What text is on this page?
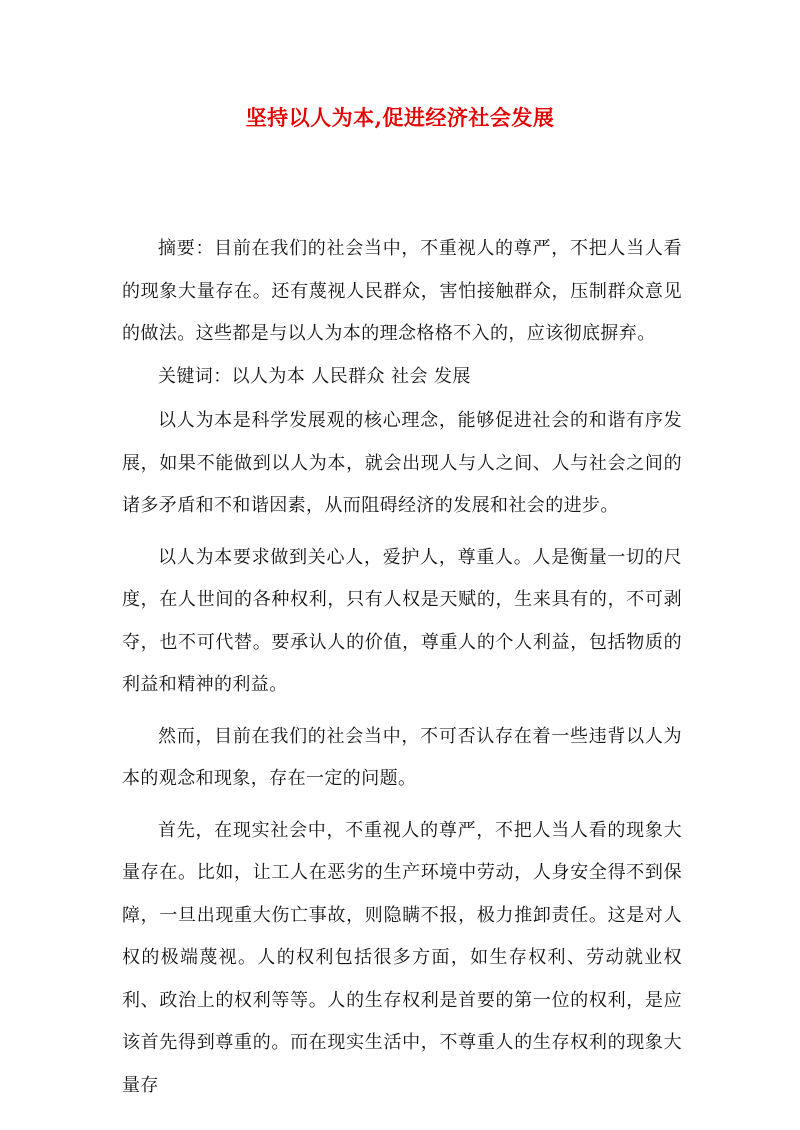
坚持以人为本,促进经济社会发展

摘要：目前在我们的社会当中，不重视人的尊严，不把人当人看的现象大量存在。还有蔑视人民群众，害怕接触群众，压制群众意见的做法。这些都是与以人为本的理念格格不入的，应该彻底摒弃。

关键词：以人为本 人民群众 社会 发展

以人为本是科学发展观的核心理念，能够促进社会的和谐有序发展，如果不能做到以人为本，就会出现人与人之间、人与社会之间的诸多矛盾和不和谐因素，从而阻碍经济的发展和社会的进步。

以人为本要求做到关心人，爱护人，尊重人。人是衡量一切的尺度，在人世间的各种权利，只有人权是天赋的，生来具有的，不可剥夺，也不可代替。要承认人的价值，尊重人的个人利益，包括物质的利益和精神的利益。

然而，目前在我们的社会当中，不可否认存在着一些违背以人为本的观念和现象，存在一定的问题。

首先，在现实社会中，不重视人的尊严，不把人当人看的现象大量存在。比如，让工人在恶劣的生产环境中劳动，人身安全得不到保障，一旦出现重大伤亡事故，则隐瞒不报，极力推卸责任。这是对人权的极端蔑视。人的权利包括很多方面，如生存权利、劳动就业权利、政治上的权利等等。人的生存权利是首要的第一位的权利，是应该首先得到尊重的。而在现实生活中，不尊重人的生存权利的现象大量存
